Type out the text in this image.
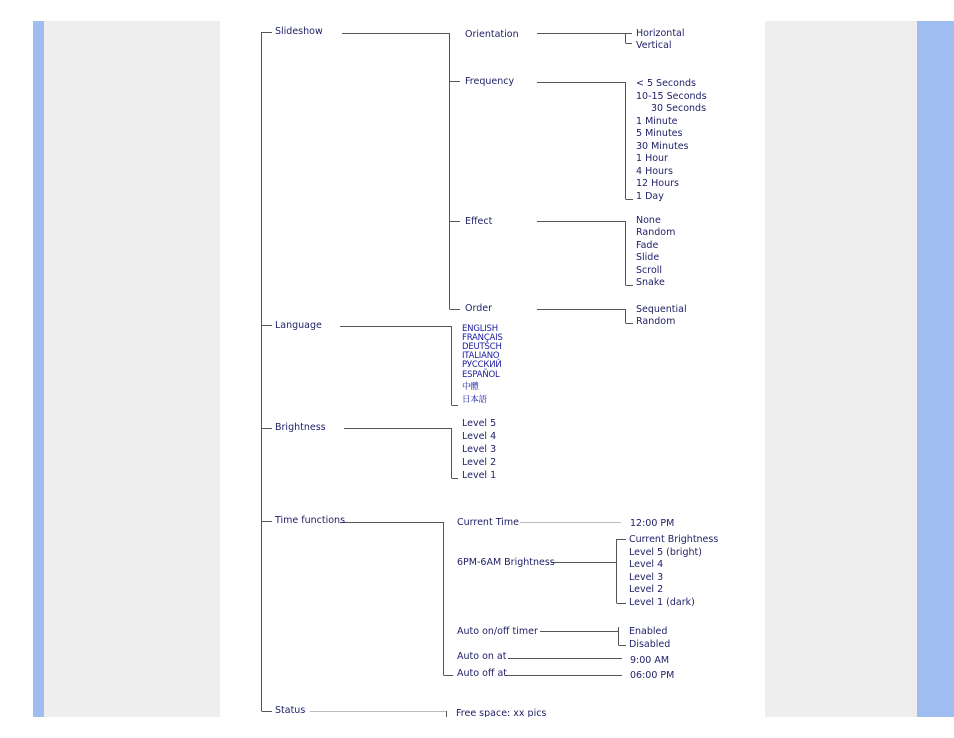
Slideshow
Language
Brightness
Time functions
Status
Orientation
Frequency
Effect
Order
Horizontal
Vertical
< 5 Seconds
10-15 Seconds
30 Seconds
1 Minute
5 Minutes
30 Minutes
1 Hour
4 Hours
12 Hours
1 Day
None
Random
Fade
Slide
Scroll
Snake
Sequential
Random
ENGLISH
FRANÇAIS
DEUTSCH
ITALIANO
РУССКИЙ
ESPAÑOL
中體
日本語
Level 5
Level 4
Level 3
Level 2
Level 1
Current Time
6PM-6AM Brightness
Auto on/off timer
Auto on at
Auto off at
12:00 PM
Current Brightness
Level 5 (bright)
Level 4
Level 3
Level 2
Level 1 (dark)
Enabled
Disabled
9:00 AM
06:00 PM
Free space: xx pics
